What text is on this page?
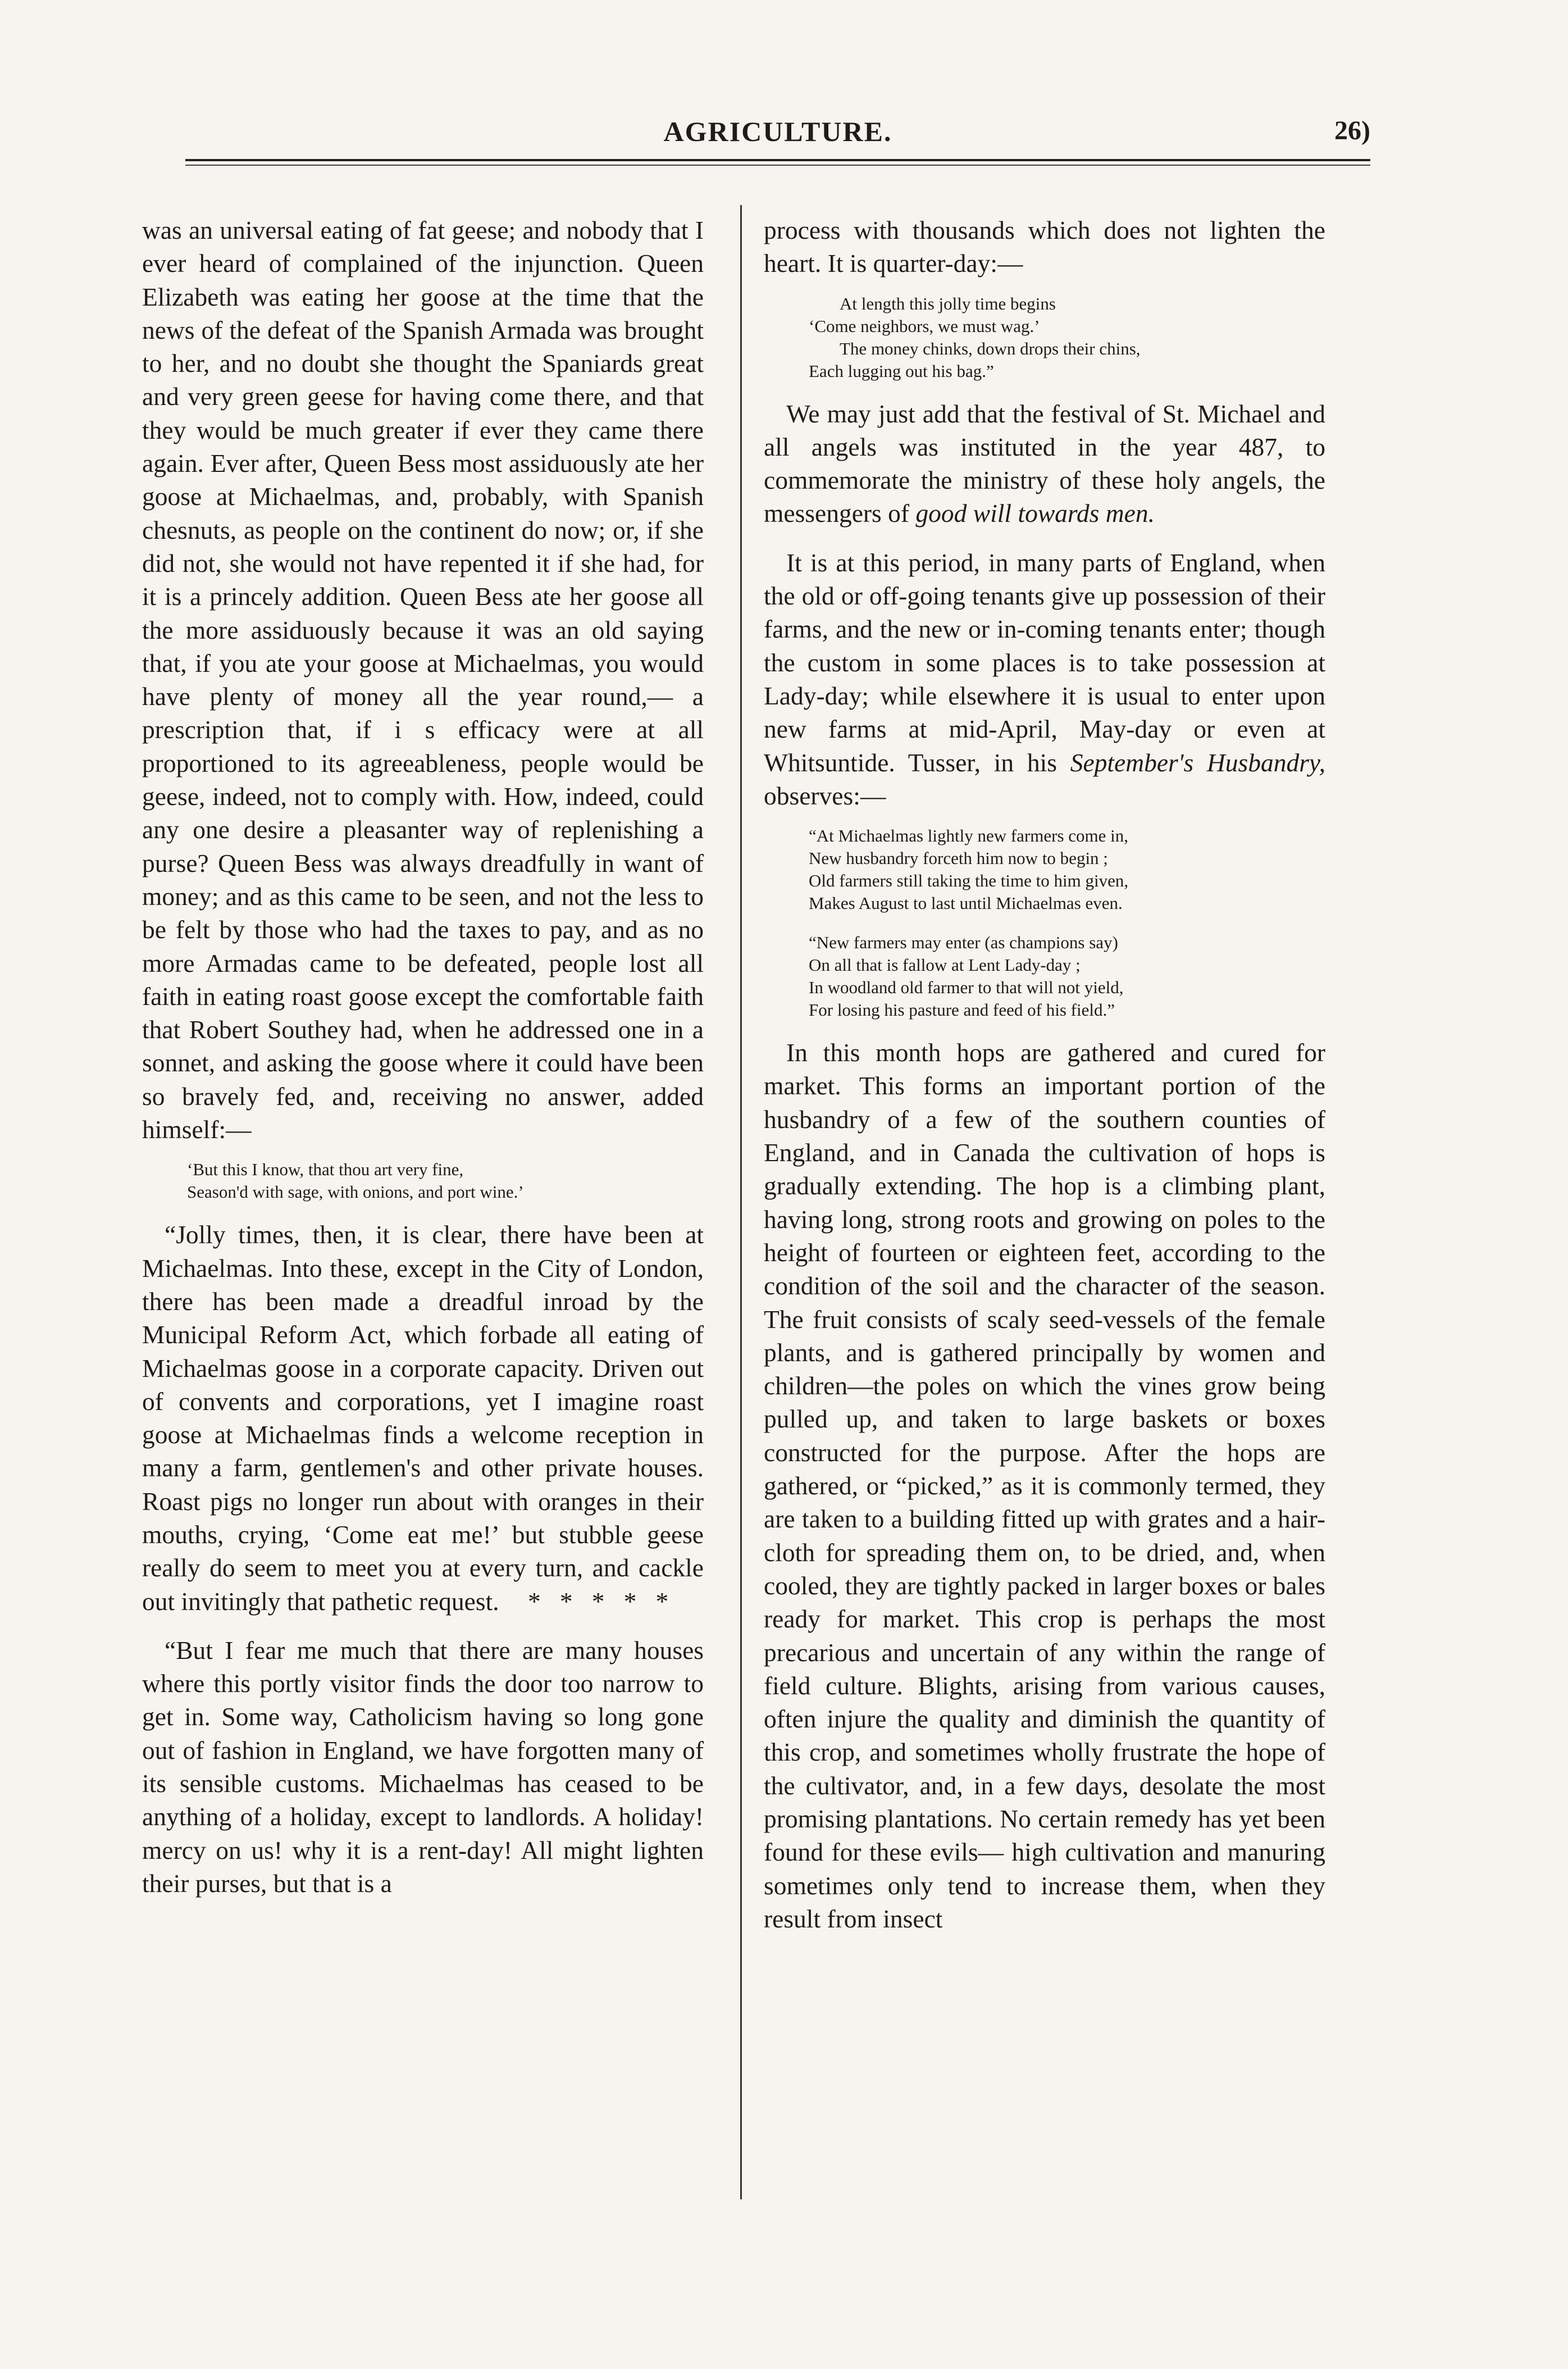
AGRICULTURE.	26)

was an universal eating of fat geese; and nobody that I ever heard of complained of the injunction. Queen Elizabeth was eating her goose at the time that the news of the defeat of the Spanish Armada was brought to her, and no doubt she thought the Spaniards great and very green geese for having come there, and that they would be much greater if ever they came there again. Ever after, Queen Bess most assiduously ate her goose at Michaelmas, and, probably, with Spanish chesnuts, as people on the continent do now; or, if she did not, she would not have repented it if she had, for it is a princely addition. Queen Bess ate her goose all the more assiduously because it was an old saying that, if you ate your goose at Michaelmas, you would have plenty of money all the year round,— a prescription that, if i s efficacy were at all proportioned to its agreeableness, people would be geese, indeed, not to comply with. How, indeed, could any one desire a pleasanter way of replenishing a purse? Queen Bess was always dreadfully in want of money; and as this came to be seen, and not the less to be felt by those who had the taxes to pay, and as no more Armadas came to be defeated, people lost all faith in eating roast goose except the comfortable faith that Robert Southey had, when he addressed one in a sonnet, and asking the goose where it could have been so bravely fed, and, receiving no answer, added himself:—

‘But this I know, that thou art very fine,
Season'd with sage, with onions, and port wine.’

“Jolly times, then, it is clear, there have been at Michaelmas. Into these, except in the City of London, there has been made a dreadful inroad by the Municipal Reform Act, which forbade all eating of Michaelmas goose in a corporate capacity. Driven out of convents and corporations, yet I imagine roast goose at Michaelmas finds a welcome reception in many a farm, gentlemen's and other private houses. Roast pigs no longer run about with oranges in their mouths, crying, ‘Come eat me!’ but stubble geese really do seem to meet you at every turn, and cackle out invitingly that pathetic request. *   *   *   *   *

“But I fear me much that there are many houses where this portly visitor finds the door too narrow to get in. Some way, Catholicism having so long gone out of fashion in England, we have forgotten many of its sensible customs. Michaelmas has ceased to be anything of a holiday, except to landlords. A holiday! mercy on us! why it is a rent-day! All might lighten their purses, but that is a

process with thousands which does not lighten the heart. It is quarter-day:—

At length this jolly time begins
‘Come neighbors, we must wag.’
The money chinks, down drops their chins,
Each lugging out his bag.”

We may just add that the festival of St. Michael and all angels was instituted in the year 487, to commemorate the ministry of these holy angels, the messengers of good will towards men.

It is at this period, in many parts of England, when the old or off-going tenants give up possession of their farms, and the new or in-coming tenants enter; though the custom in some places is to take possession at Lady-day; while elsewhere it is usual to enter upon new farms at mid-April, May-day or even at Whitsuntide. Tusser, in his September's Husbandry, observes:—

“At Michaelmas lightly new farmers come in,
New husbandry forceth him now to begin ;
Old farmers still taking the time to him given,
Makes August to last until Michaelmas even.
“New farmers may enter (as champions say)
On all that is fallow at Lent Lady-day ;
In woodland old farmer to that will not yield,
For losing his pasture and feed of his field.”

In this month hops are gathered and cured for market. This forms an important portion of the husbandry of a few of the southern counties of England, and in Canada the cultivation of hops is gradually extending. The hop is a climbing plant, having long, strong roots and growing on poles to the height of fourteen or eighteen feet, according to the condition of the soil and the character of the season. The fruit consists of scaly seed-vessels of the female plants, and is gathered principally by women and children—the poles on which the vines grow being pulled up, and taken to large baskets or boxes constructed for the purpose. After the hops are gathered, or “picked,” as it is commonly termed, they are taken to a building fitted up with grates and a hair-cloth for spreading them on, to be dried, and, when cooled, they are tightly packed in larger boxes or bales ready for market. This crop is perhaps the most precarious and uncertain of any within the range of field culture. Blights, arising from various causes, often injure the quality and diminish the quantity of this crop, and sometimes wholly frustrate the hope of the cultivator, and, in a few days, desolate the most promising plantations. No certain remedy has yet been found for these evils— high cultivation and manuring sometimes only tend to increase them, when they result from insect
